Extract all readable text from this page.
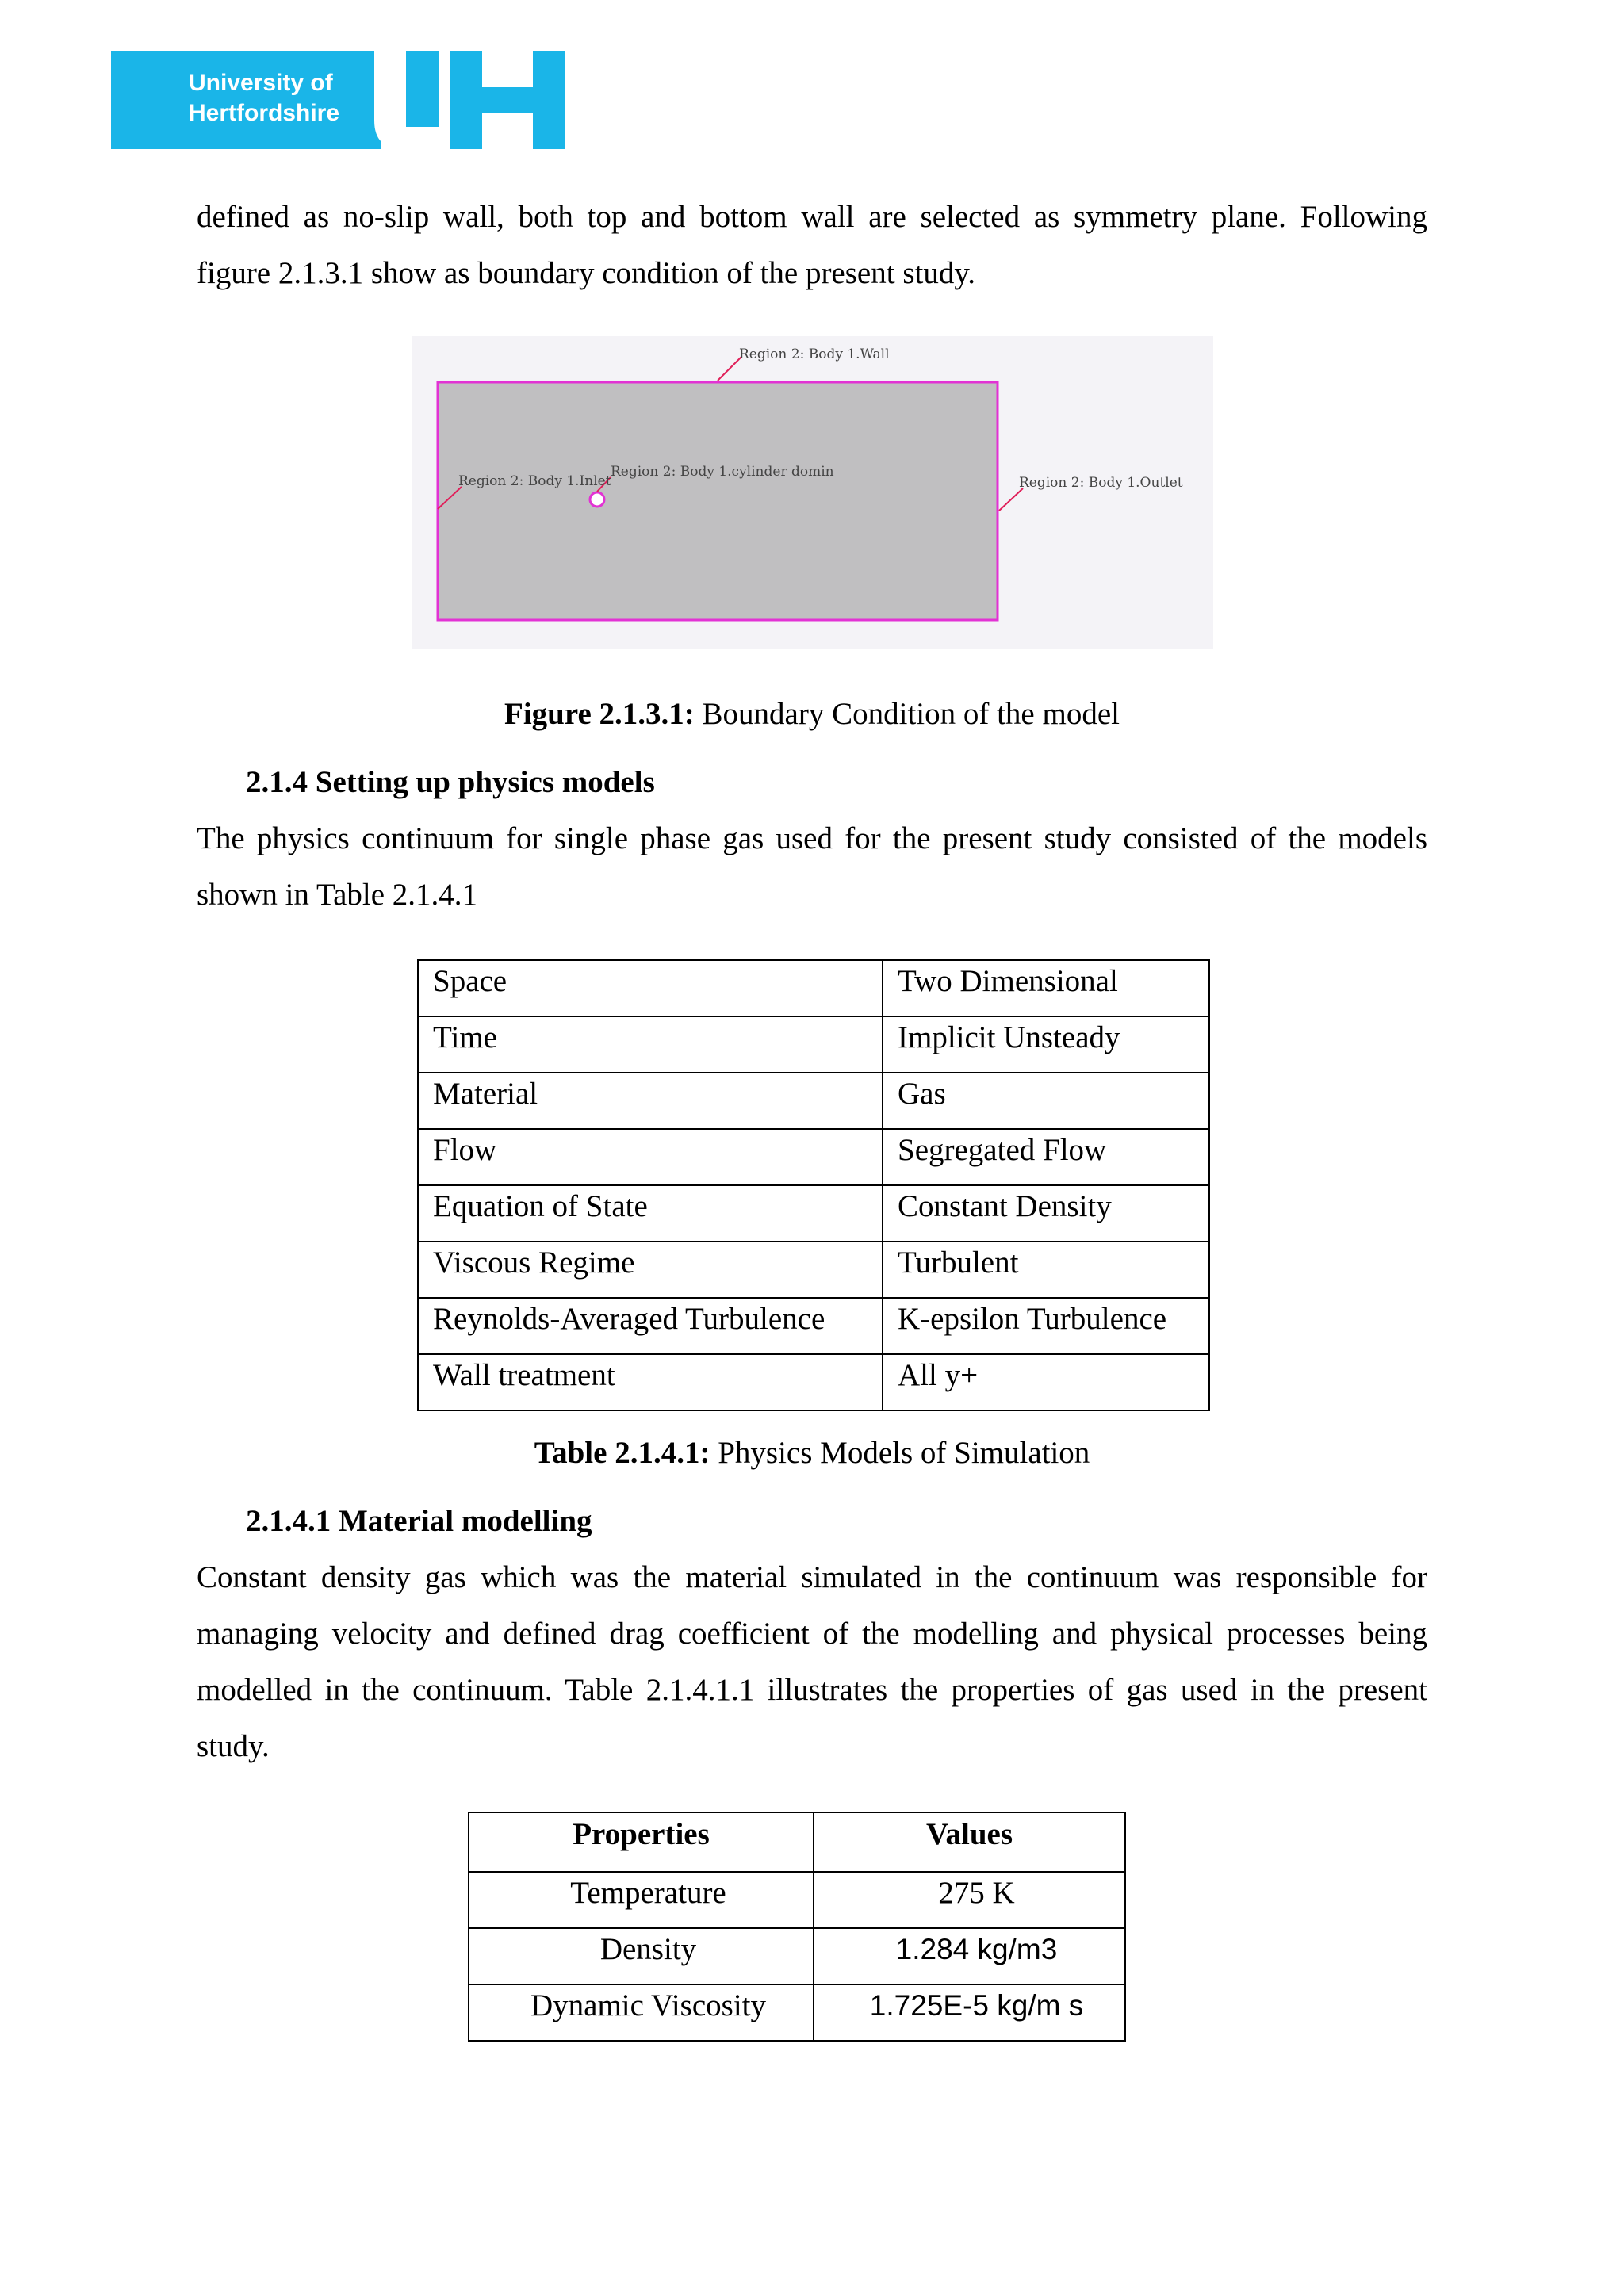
University of
Hertfordshire

defined as no-slip wall, both top and bottom wall are selected as symmetry plane. Following

figure 2.1.3.1 show as boundary condition of the present study.

Region 2: Body 1.Wall
Region 2: Body 1.Inlet
Region 2: Body 1.cylinder domin
Region 2: Body 1.Outlet
Figure 2.1.3.1: Boundary Condition of the model
2.1.4 Setting up physics models

The physics continuum for single phase gas used for the present study consisted of the models

shown in Table 2.1.4.1

Space	Two Dimensional
Time	Implicit Unsteady
Material	Gas
Flow	Segregated Flow
Equation of State	Constant Density
Viscous Regime	Turbulent
Reynolds-Averaged Turbulence	K-epsilon Turbulence
Wall treatment	All y+
Table 2.1.4.1: Physics Models of Simulation
2.1.4.1 Material modelling

Constant density gas which was the material simulated in the continuum was responsible for

managing velocity and defined drag coefficient of the modelling and physical processes being

modelled in the continuum. Table 2.1.4.1.1 illustrates the properties of gas used in the present

study.

Properties	Values
Temperature	275 K
Density	1.284 kg/m3
Dynamic Viscosity	1.725E-5 kg/m s
